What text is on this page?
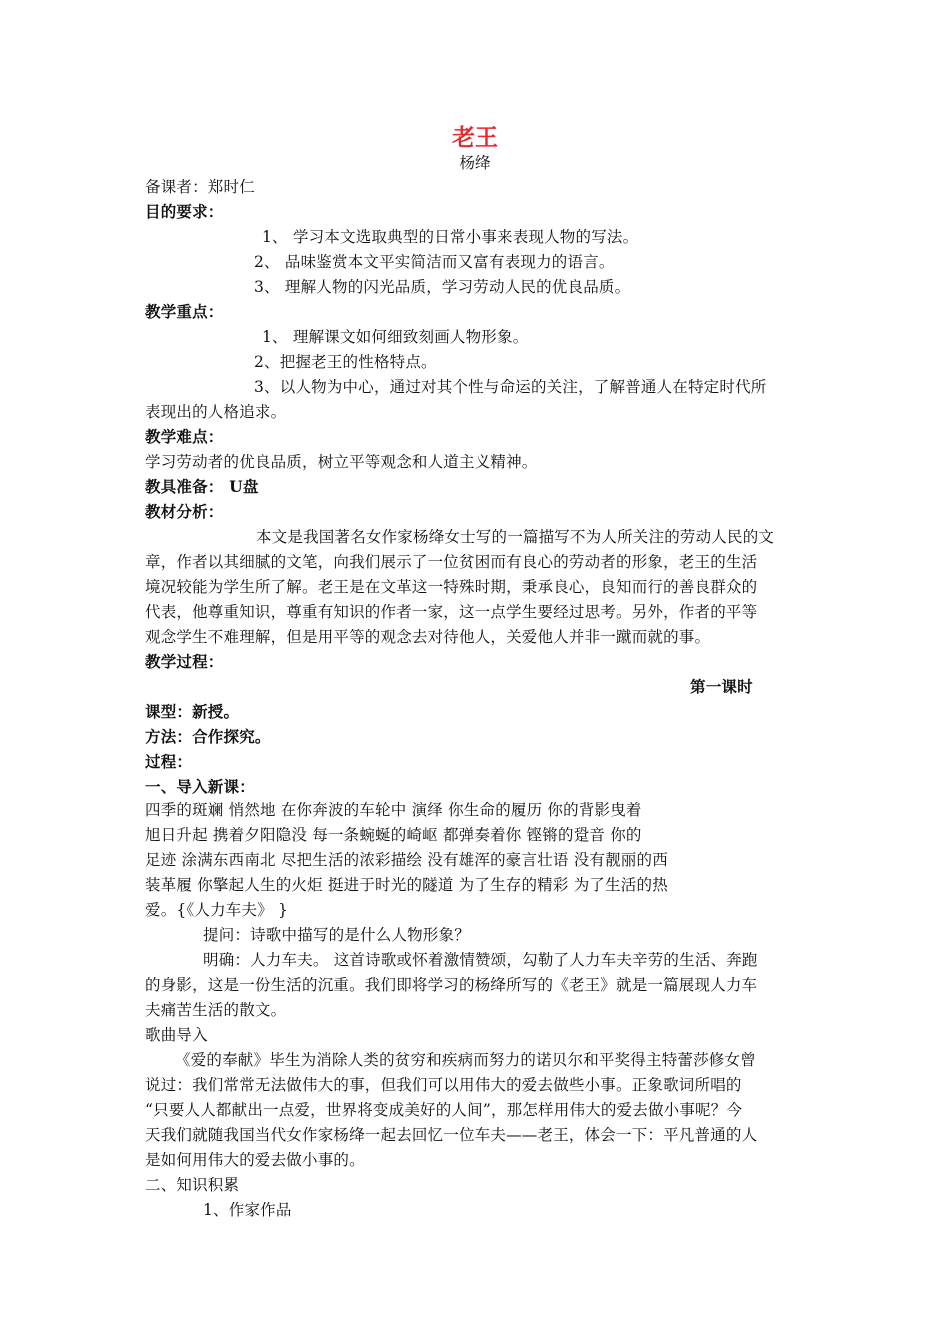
老王
杨绛
备课者：郑时仁
目的要求：
1、 学习本文选取典型的日常小事来表现人物的写法。
2、 品味鉴赏本文平实简洁而又富有表现力的语言。
3、 理解人物的闪光品质，学习劳动人民的优良品质。
教学重点：
1、 理解课文如何细致刻画人物形象。
2、把握老王的性格特点。
3、以人物为中心，通过对其个性与命运的关注，了解普通人在特定时代所
表现出的人格追求。
教学难点：
学习劳动者的优良品质，树立平等观念和人道主义精神。
教具准备： U盘
教材分析：
本文是我国著名女作家杨绛女士写的一篇描写不为人所关注的劳动人民的文
章，作者以其细腻的文笔，向我们展示了一位贫困而有良心的劳动者的形象，老王的生活
境况较能为学生所了解。老王是在文革这一特殊时期，秉承良心，良知而行的善良群众的
代表，他尊重知识，尊重有知识的作者一家，这一点学生要经过思考。另外，作者的平等
观念学生不难理解，但是用平等的观念去对待他人，关爱他人并非一蹴而就的事。
教学过程：
第一课时
课型：新授。
方法：合作探究。
过程：
一、导入新课：
四季的斑斓 悄然地 在你奔波的车轮中 演绎 你生命的履历 你的背影曳着
旭日升起 携着夕阳隐没 每一条蜿蜒的崎岖 都弹奏着你 铿锵的跫音 你的
足迹 涂满东西南北 尽把生活的浓彩描绘 没有雄浑的豪言壮语 没有靓丽的西
装革履 你擎起人生的火炬 挺进于时光的隧道 为了生存的精彩 为了生活的热
爱。{《人力车夫》 }
提问：诗歌中描写的是什么人物形象？
明确：人力车夫。 这首诗歌或怀着激情赞颂，勾勒了人力车夫辛劳的生活、奔跑
的身影，这是一份生活的沉重。我们即将学习的杨绛所写的《老王》就是一篇展现人力车
夫痛苦生活的散文。
歌曲导入
《爱的奉献》毕生为消除人类的贫穷和疾病而努力的诺贝尔和平奖得主特蕾莎修女曾
说过：我们常常无法做伟大的事，但我们可以用伟大的爱去做些小事。正象歌词所唱的
“只要人人都献出一点爱，世界将变成美好的人间”，那怎样用伟大的爱去做小事呢？今
天我们就随我国当代女作家杨绛一起去回忆一位车夫——老王，体会一下：平凡普通的人
是如何用伟大的爱去做小事的。
二、知识积累
1、作家作品
